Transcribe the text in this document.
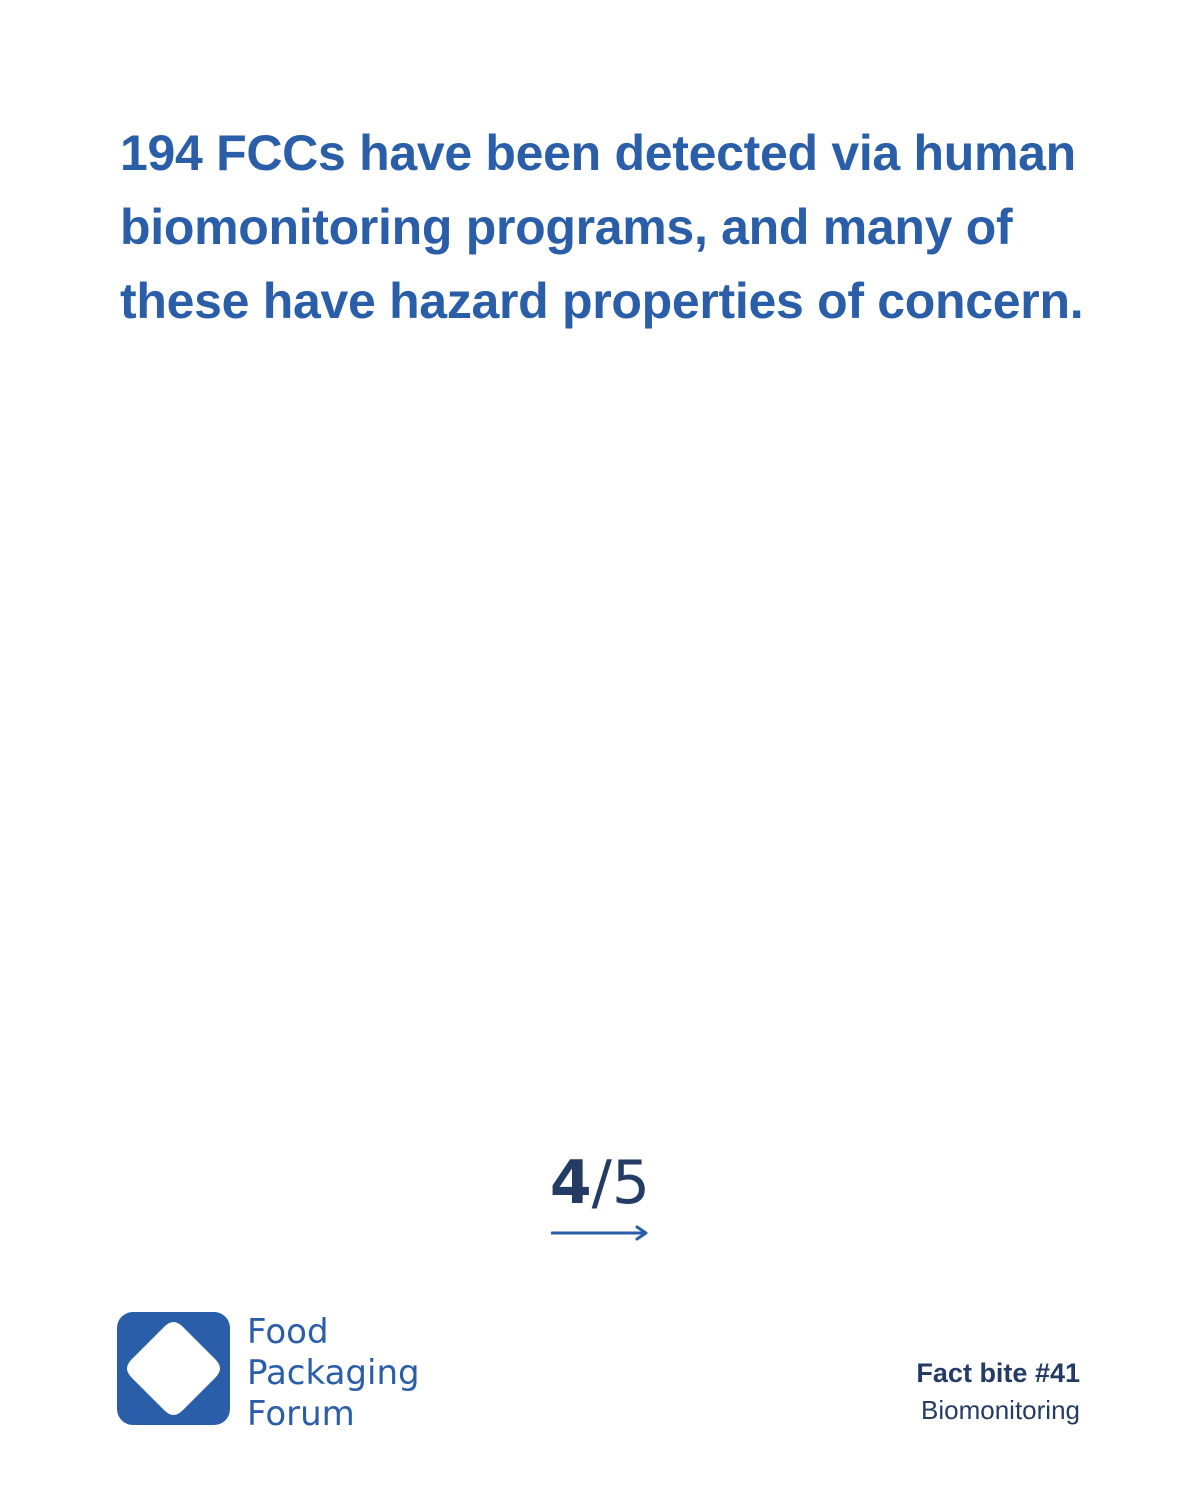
194 FCCs have been detected via human biomonitoring programs, and many of these have hazard properties of concern.
4/5
Food
Packaging
Forum
Fact bite #41
Biomonitoring
